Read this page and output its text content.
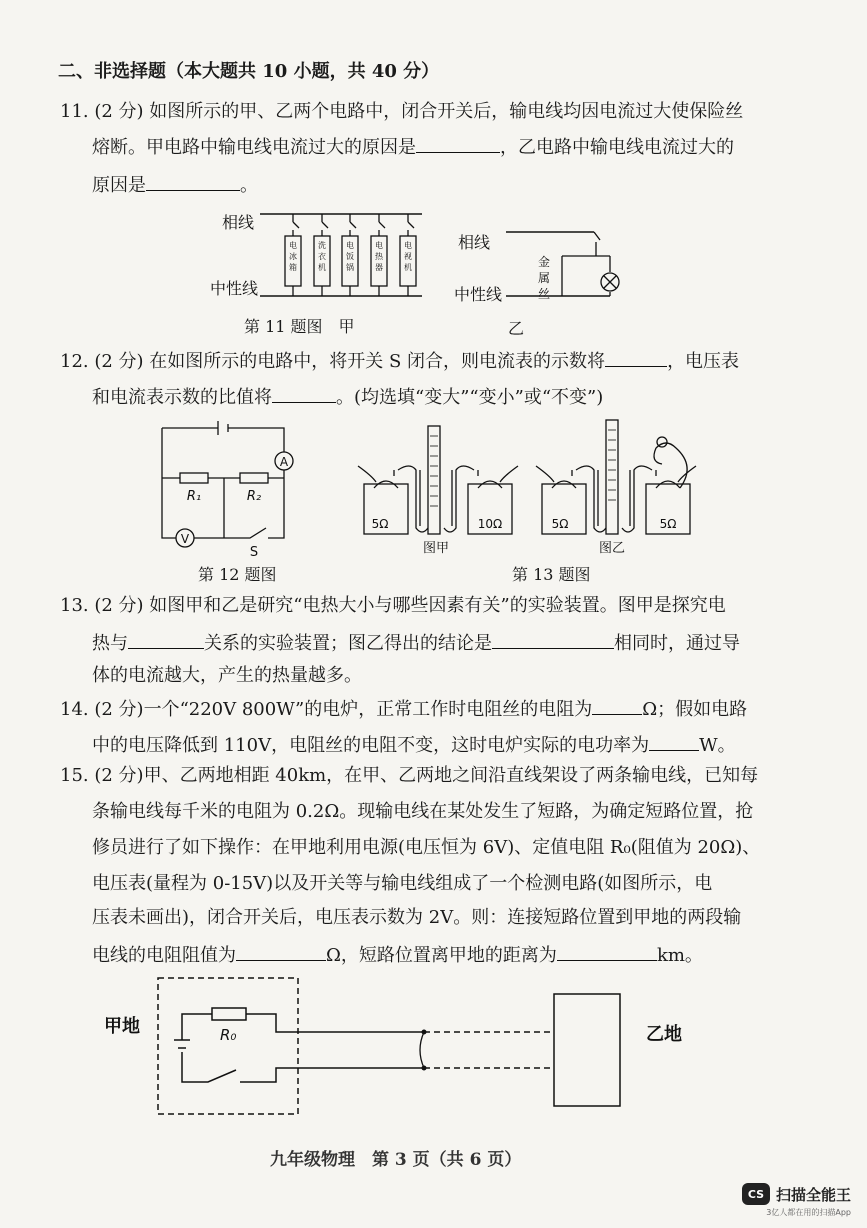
二、非选择题（本大题共 10 小题，共 40 分）
11. (2 分) 如图所示的甲、乙两个电路中，闭合开关后，输电线均因电流过大使保险丝
熔断。甲电路中输电线电流过大的原因是	，乙电路中输电线电流过大的
原因是	。
相线
中性线
电冰箱
洗衣机
电饭锅
电热器
电视机
相线
中性线
金
属
丝
第 11 题图　甲	乙
12. (2 分) 在如图所示的电路中，将开关 S 闭合，则电流表的示数将	，电压表
和电流表示数的比值将	。(均选填“变大”“变小”或“不变”)
R₁	R₂
A
V
S
第 12 题图
5Ω	10Ω
图甲
5Ω	5Ω
图乙
第 13 题图
13. (2 分) 如图甲和乙是研究“电热大小与哪些因素有关”的实验装置。图甲是探究电
热与	关系的实验装置；图乙得出的结论是	相同时，通过导
体的电流越大，产生的热量越多。
14. (2 分)一个“220V 800W”的电炉，正常工作时电阻丝的电阻为	Ω；假如电路
中的电压降低到 110V，电阻丝的电阻不变，这时电炉实际的电功率为	W。
15. (2 分)甲、乙两地相距 40km，在甲、乙两地之间沿直线架设了两条输电线，已知每
条输电线每千米的电阻为 0.2Ω。现输电线在某处发生了短路，为确定短路位置，抢
修员进行了如下操作：在甲地利用电源(电压恒为 6V)、定值电阻 R₀(阻值为 20Ω)、
电压表(量程为 0-15V)以及开关等与输电线组成了一个检测电路(如图所示，电
压表未画出)，闭合开关后，电压表示数为 2V。则：连接短路位置到甲地的两段输
电线的电阻阻值为	Ω，短路位置离甲地的距离为	km。
甲地	乙地
R₀
九年级物理　第 3 页（共 6 页）
CS 扫描全能王
3亿人都在用的扫描App
